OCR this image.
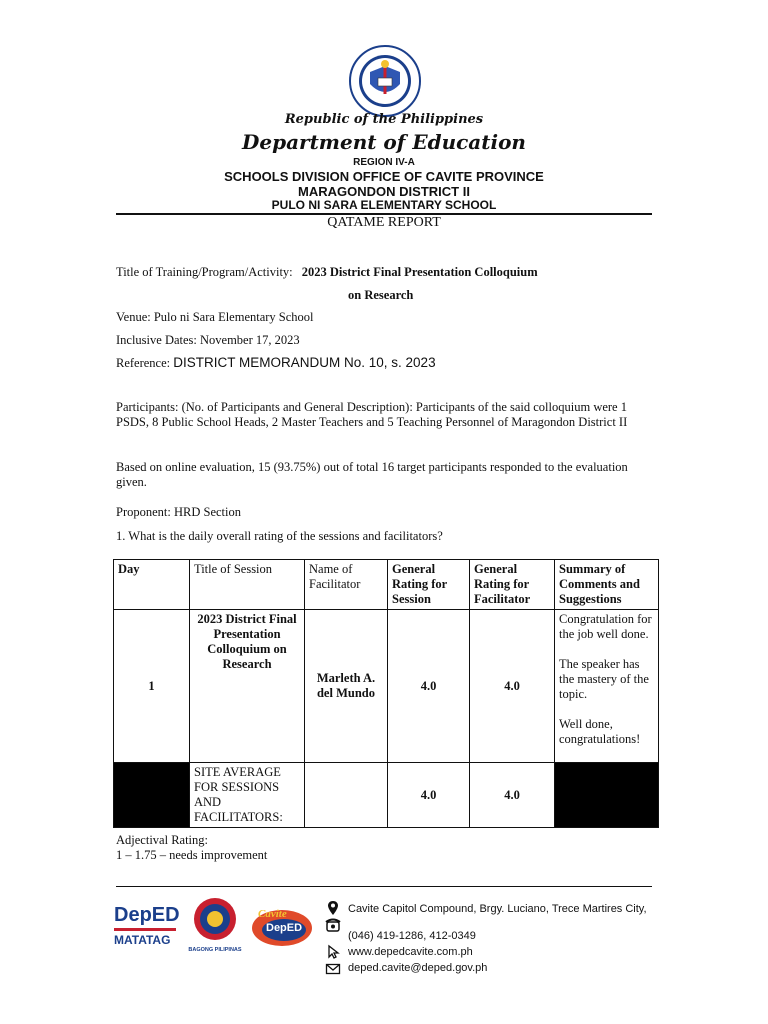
Republic of the Philippines
Department of Education
REGION IV-A
SCHOOLS DIVISION OFFICE OF CAVITE PROVINCE
MARAGONDON DISTRICT II
PULO NI SARA ELEMENTARY SCHOOL
QATAME REPORT
Title of Training/Program/Activity: 2023 District Final Presentation Colloquium
on Research
Venue: Pulo ni Sara Elementary School
Inclusive Dates: November 17, 2023
Reference: DISTRICT MEMORANDUM No. 10, s. 2023
Participants: (No. of Participants and General Description): Participants of the said colloquium were 1 PSDS, 8 Public School Heads, 2 Master Teachers and 5 Teaching Personnel of Maragondon District II
Based on online evaluation, 15 (93.75%) out of total 16 target participants responded to the evaluation given.
Proponent: HRD Section
1. What is the daily overall rating of the sessions and facilitators?
Day	Title of Session	Name of Facilitator	General Rating for Session	General Rating for Facilitator	Summary of Comments and Suggestions
1	2023 District Final Presentation Colloquium on Research	Marleth A. del Mundo	4.0	4.0	Congratulation for the job well done.
The speaker has the mastery of the topic.
Well done, congratulations!

	SITE AVERAGE FOR SESSIONS AND FACILITATORS:		4.0	4.0	
Adjectival Rating:
1 – 1.75 – needs improvement
DepED
MATATAG
BAGONG PILIPINAS
Cavite
DepED
Cavite Capitol Compound, Brgy. Luciano, Trece Martires City,
(046) 419-1286, 412-0349
www.depedcavite.com.ph
deped.cavite@deped.gov.ph
